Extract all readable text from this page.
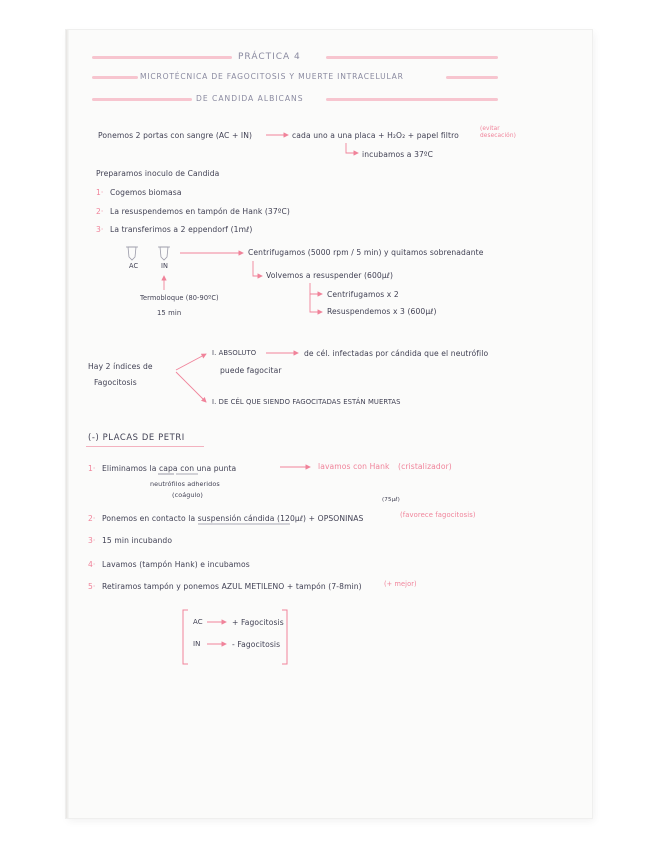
PRÁCTICA 4
MICROTÉCNICA DE FAGOCITOSIS Y MUERTE INTRACELULAR
DE CANDIDA ALBICANS
Ponemos 2 portas con sangre (AC + IN)	cada uno a una placa + H₂O₂ + papel filtro
(evitar desecación)
incubamos a 37ºC
Preparamos inoculo de Candida
1· Cogemos biomasa
2· La resuspendemos en tampón de Hank (37ºC)
3· La transferimos a 2 eppendorf (1mℓ)
AC	IN
Centrifugamos (5000 rpm / 5 min) y quitamos sobrenadante
Volvemos a resuspender (600µℓ)
Centrifugamos x 2
Resuspendemos x 3 (600µℓ)
Termobloque (80-90ºC)
15 min
Hay 2 índices de
Fagocitosis
I. ABSOLUTO	de cél. infectadas por cándida que el neutrófilo
puede fagocitar
I. DE CÉL QUE SIENDO FAGOCITADAS ESTÁN MUERTAS
(-) PLACAS DE PETRI
1· Eliminamos la capa con una punta	lavamos con Hank (cristalizador)
neutrófilos adheridos
(coágulo)
(75µℓ)
2· Ponemos en contacto la suspensión cándida (120µℓ) + OPSONINAS	(favorece fagocitosis)
3· 15 min incubando
4· Lavamos (tampón Hank) e incubamos
5· Retiramos tampón y ponemos AZUL METILENO + tampón (7-8min)	(+ mejor)
AC	+ Fagocitosis
IN	- Fagocitosis
